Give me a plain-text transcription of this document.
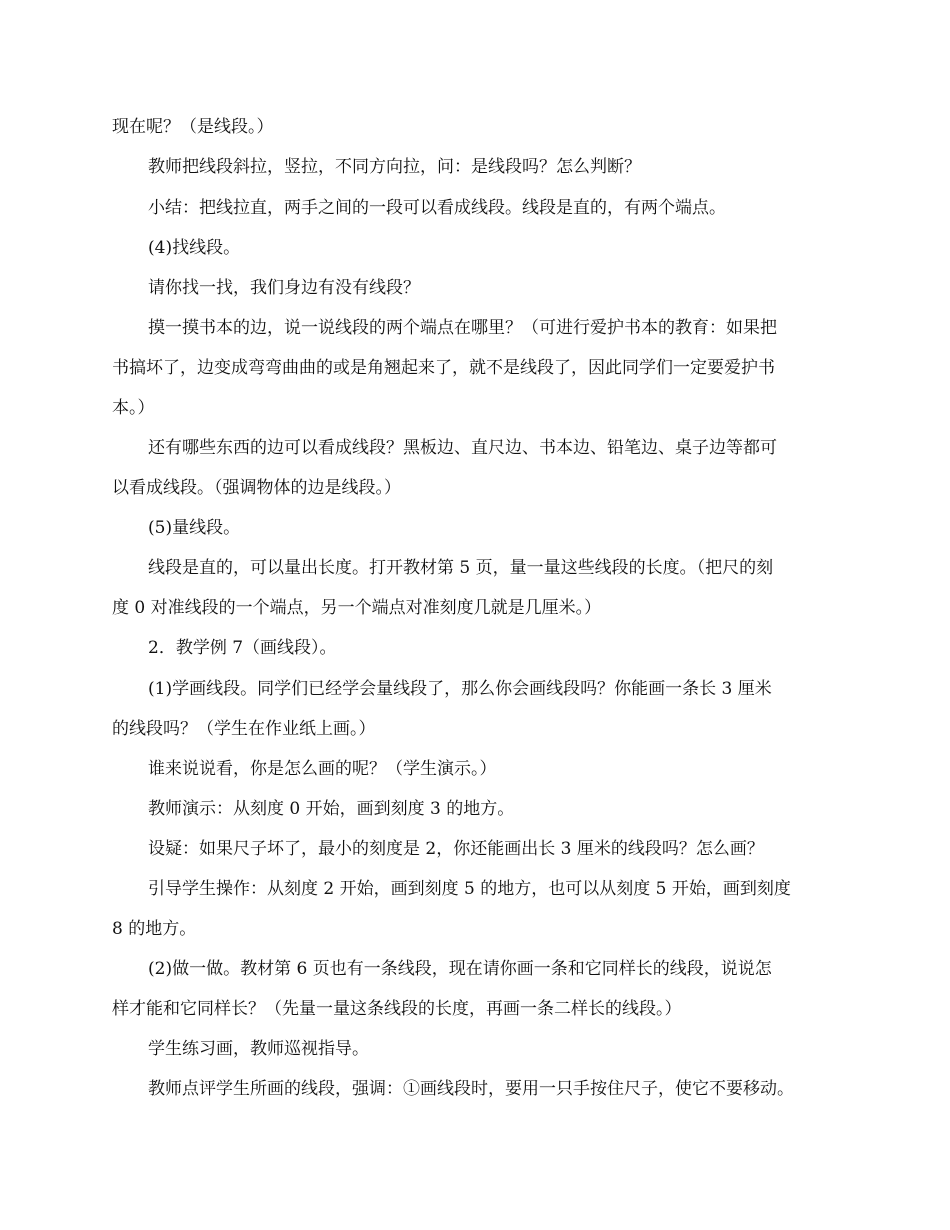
现在呢？（是线段。）
教师把线段斜拉，竖拉，不同方向拉，问：是线段吗？怎么判断？
小结：把线拉直，两手之间的一段可以看成线段。线段是直的，有两个端点。
(4)找线段。
请你找一找，我们身边有没有线段？
摸一摸书本的边，说一说线段的两个端点在哪里？（可进行爱护书本的教育：如果把
书搞坏了，边变成弯弯曲曲的或是角翘起来了，就不是线段了，因此同学们一定要爱护书
本。）
还有哪些东西的边可以看成线段？黑板边、直尺边、书本边、铅笔边、桌子边等都可
以看成线段。（强调物体的边是线段。）
(5)量线段。
线段是直的，可以量出长度。打开教材第 5 页，量一量这些线段的长度。（把尺的刻
度 0 对准线段的一个端点，另一个端点对准刻度几就是几厘米。）
2．教学例 7（画线段）。
(1)学画线段。同学们已经学会量线段了，那么你会画线段吗？你能画一条长 3 厘米
的线段吗？（学生在作业纸上画。）
谁来说说看，你是怎么画的呢？（学生演示。）
教师演示：从刻度 0 开始，画到刻度 3 的地方。
设疑：如果尺子坏了，最小的刻度是 2，你还能画出长 3 厘米的线段吗？怎么画？
引导学生操作：从刻度 2 开始，画到刻度 5 的地方，也可以从刻度 5 开始，画到刻度
8 的地方。
(2)做一做。教材第 6 页也有一条线段，现在请你画一条和它同样长的线段，说说怎
样才能和它同样长？（先量一量这条线段的长度，再画一条二样长的线段。）
学生练习画，教师巡视指导。
教师点评学生所画的线段，强调：①画线段时，要用一只手按住尺子，使它不要移动。
